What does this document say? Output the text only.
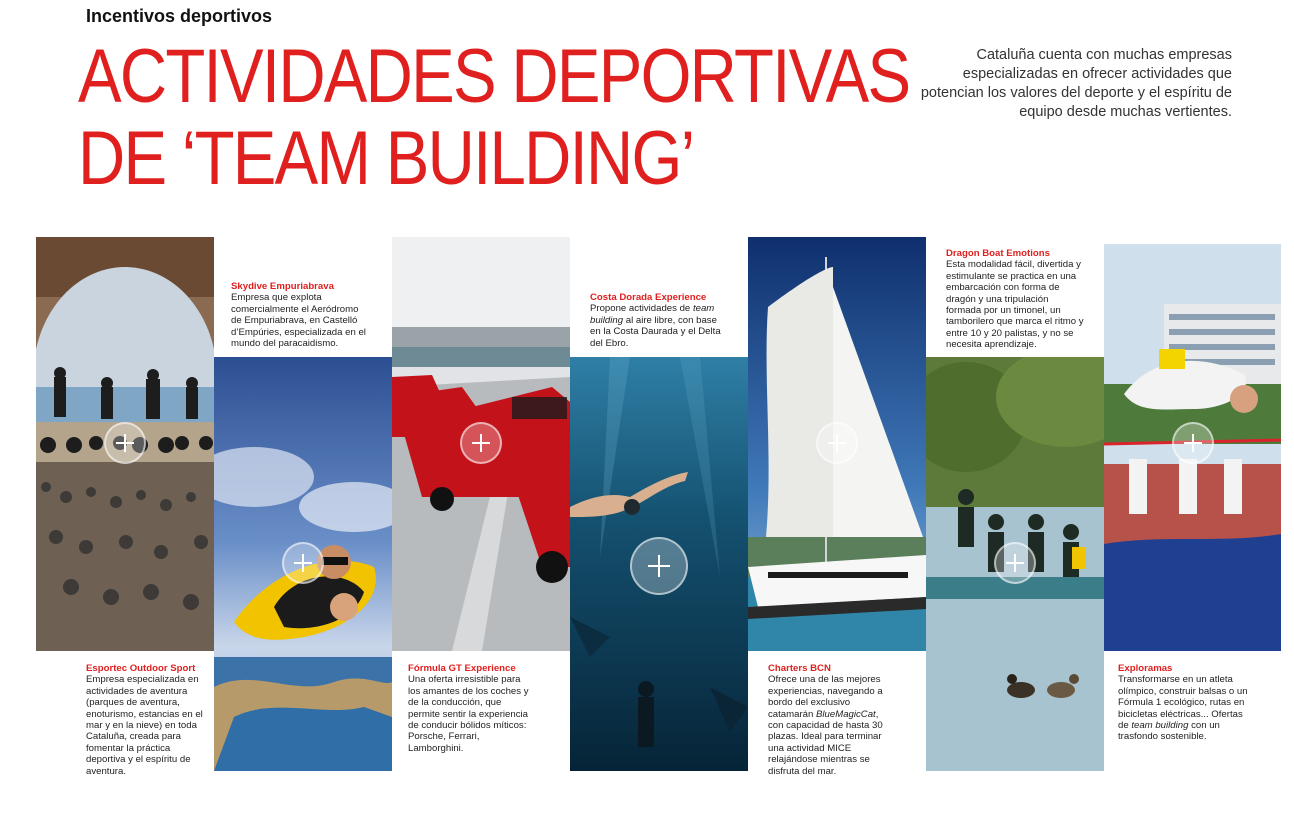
Incentivos deportivos
ACTIVIDADES DEPORTIVAS
DE ‘TEAM BUILDING’
Cataluña cuenta con muchas empresas especializadas en ofrecer actividades que potencian los valores del deporte y el espíritu de equipo desde muchas vertientes.
Esportec Outdoor Sport
Empresa especializada en actividades de aventura (parques de aventura, enoturismo, estancias en el mar y en la nieve) en toda Cataluña, creada para fomentar la práctica deportiva y el espíritu de aventura.
Skydive Empuriabrava
Empresa que explota comercialmente el Aeródromo de Empuriabrava, en Castelló d’Empúries, especializada en el mundo del paracaidismo.
Fórmula GT Experience
Una oferta irresistible para los amantes de los coches y de la conducción, que permite sentir la experiencia de conducir bólidos míticos: Porsche, Ferrari, Lamborghini.
Costa Dorada Experience
Propone actividades de team building al aire libre, con base en la Costa Daurada y el Delta del Ebro.
Charters BCN
Ofrece una de las mejores experiencias, navegando a bordo del exclusivo catamarán BlueMagicCat, con capacidad de hasta 30 plazas. Ideal para terminar una actividad MICE relajándose mientras se disfruta del mar.
Dragon Boat Emotions
Esta modalidad fácil, divertida y estimulante se practica en una embarcación con forma de dragón y una tripulación formada por un timonel, un tamborilero que marca el ritmo y entre 10 y 20 palistas, y no se necesita aprendizaje.
Exploramas
Transformarse en un atleta olímpico, construir balsas o un Fórmula 1 ecológico, rutas en bicicletas eléctricas... Ofertas de team building con un trasfondo sostenible.
